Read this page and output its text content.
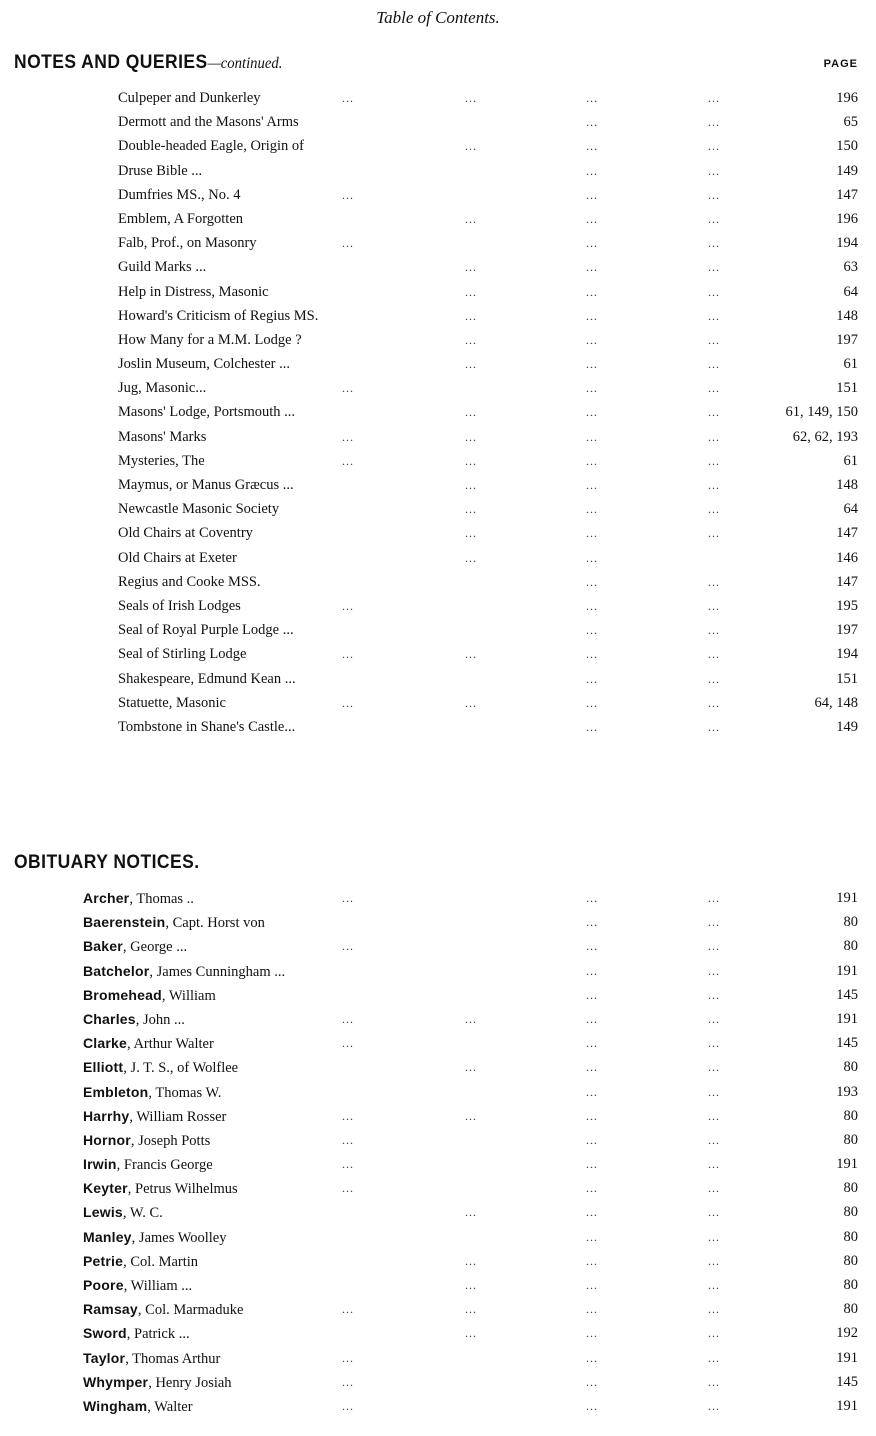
Table of Contents.
NOTES AND QUERIES—continued.	PAGE
Culpeper and Dunkerley	...	...	...	...	196
Dermott and the Masons' Arms	...	...	65
Double-headed Eagle, Origin of	...	...	...	150
Druse Bible ...	...	...	149
Dumfries MS., No. 4	...	...	...	147
Emblem, A Forgotten	...	...	...	196
Falb, Prof., on Masonry	...	...	...	194
Guild Marks ...	...	...	...	63
Help in Distress, Masonic	...	...	...	64
Howard's Criticism of Regius MS.	...	...	...	148
How Many for a M.M. Lodge ?	...	...	...	197
Joslin Museum, Colchester ...	...	...	...	61
Jug, Masonic...	...	...	...	151
Masons' Lodge, Portsmouth ...	...	...	...	61, 149, 150
Masons' Marks	...	...	...	...	62, 62, 193
Mysteries, The	...	...	...	...	61
Maymus, or Manus Græcus ...	...	...	...	148
Newcastle Masonic Society	...	...	...	64
Old Chairs at Coventry	...	...	...	147
Old Chairs at Exeter	...	...	146
Regius and Cooke MSS.	...	...	147
Seals of Irish Lodges	...	...	...	195
Seal of Royal Purple Lodge ...	...	...	197
Seal of Stirling Lodge	...	...	...	...	194
Shakespeare, Edmund Kean ...	...	...	151
Statuette, Masonic	...	...	...	...	64, 148
Tombstone in Shane's Castle...	...	...	149
OBITUARY NOTICES.
Archer, Thomas ..	...	...	...	191
Baerenstein, Capt. Horst von	...	...	80
Baker, George ...	...	...	...	80
Batchelor, James Cunningham ...	...	...	191
Bromehead, William	...	...	145
Charles, John ...	...	...	...	...	191
Clarke, Arthur Walter	...	...	...	145
Elliott, J. T. S., of Wolflee	...	...	...	80
Embleton, Thomas W.	...	...	193
Harrhy, William Rosser	...	...	...	...	80
Hornor, Joseph Potts	...	...	...	80
Irwin, Francis George	...	...	...	191
Keyter, Petrus Wilhelmus	...	...	...	80
Lewis, W. C.	...	...	...	80
Manley, James Woolley	...	...	80
Petrie, Col. Martin	...	...	...	80
Poore, William ...	...	...	...	80
Ramsay, Col. Marmaduke	...	...	...	...	80
Sword, Patrick ...	...	...	...	192
Taylor, Thomas Arthur	...	...	...	191
Whymper, Henry Josiah	...	...	...	145
Wingham, Walter	...	...	...	191
